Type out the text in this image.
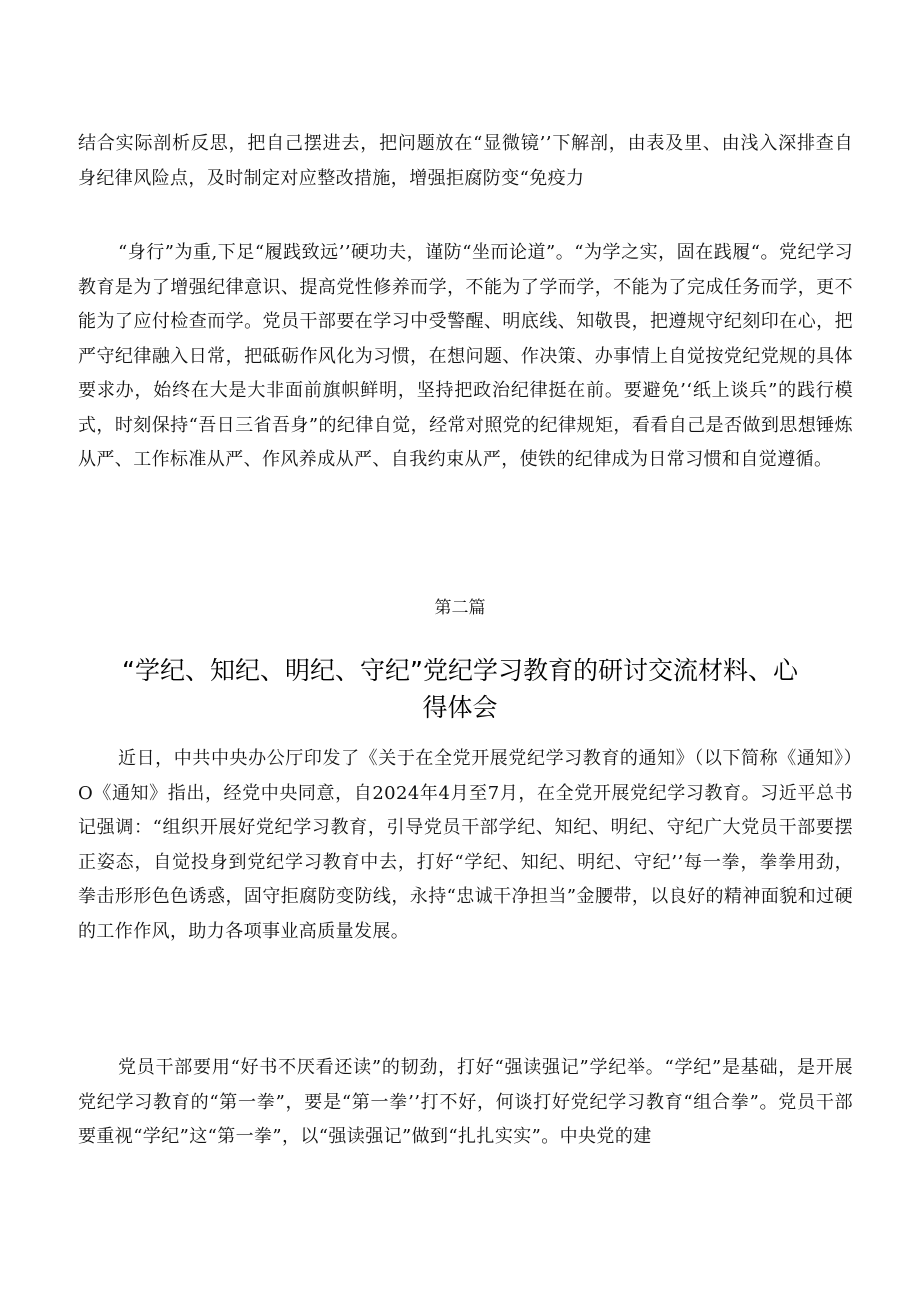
结合实际剖析反思，把自己摆进去，把问题放在“显微镜’’下解剖，由表及里、由浅入深排查自身纪律风险点，及时制定对应整改措施，增强拒腐防变“免疫力

“身行”为重,下足“履践致远’’硬功夫，谨防“坐而论道”。“为学之实，固在践履“。党纪学习教育是为了增强纪律意识、提高党性修养而学，不能为了学而学，不能为了完成任务而学，更不能为了应付检查而学。党员干部要在学习中受警醒、明底线、知敬畏，把遵规守纪刻印在心，把严守纪律融入日常，把砥砺作风化为习惯，在想问题、作决策、办事情上自觉按党纪党规的具体要求办，始终在大是大非面前旗帜鲜明，坚持把政治纪律挺在前。要避免’‘纸上谈兵”的践行模式，时刻保持“吾日三省吾身”的纪律自觉，经常对照党的纪律规矩，看看自己是否做到思想锤炼从严、工作标准从严、作风养成从严、自我约束从严，使铁的纪律成为日常习惯和自觉遵循。

第二篇
“学纪、知纪、明纪、守纪”党纪学习教育的研讨交流材料、心得体会

近日，中共中央办公厅印发了《关于在全党开展党纪学习教育的通知》（以下简称《通知》）O《通知》指出，经党中央同意，自2024年4月至7月，在全党开展党纪学习教育。习近平总书记强调：“组织开展好党纪学习教育，引导党员干部学纪、知纪、明纪、守纪广大党员干部要摆正姿态，自觉投身到党纪学习教育中去，打好“学纪、知纪、明纪、守纪’’每一拳，拳拳用劲，拳击形形色色诱惑，固守拒腐防变防线，永持“忠诚干净担当”金腰带，以良好的精神面貌和过硬的工作作风，助力各项事业高质量发展。

党员干部要用“好书不厌看还读”的韧劲，打好“强读强记”学纪举。“学纪”是基础，是开展党纪学习教育的“第一拳”，要是“第一拳’’打不好，何谈打好党纪学习教育“组合拳”。党员干部要重视“学纪”这“第一拳”，以“强读强记”做到“扎扎实实”。中央党的建
